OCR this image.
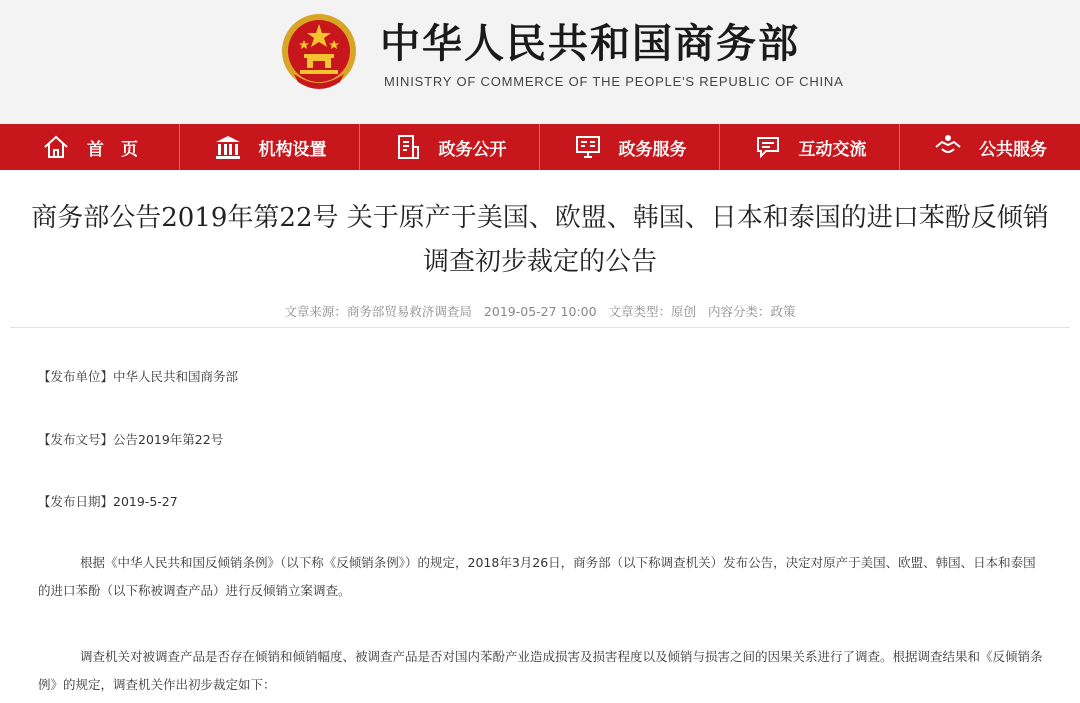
中华人民共和国商务部
MINISTRY OF COMMERCE OF THE PEOPLE'S REPUBLIC OF CHINA
首　页	机构设置	政务公开	政务服务	互动交流	公共服务
商务部公告2019年第22号 关于原产于美国、欧盟、韩国、日本和泰国的进口苯酚反倾销
调查初步裁定的公告
文章来源：商务部贸易救济调查局 2019-05-27 10:00 文章类型：原创 内容分类：政策
【发布单位】中华人民共和国商务部
【发布文号】公告2019年第22号
【发布日期】2019-5-27
根据《中华人民共和国反倾销条例》（以下称《反倾销条例》）的规定，2018年3月26日，商务部（以下称调查机关）发布公告，决定对原产于美国、欧盟、韩国、日本和泰国的进口苯酚（以下称被调查产品）进行反倾销立案调查。
调查机关对被调查产品是否存在倾销和倾销幅度、被调查产品是否对国内苯酚产业造成损害及损害程度以及倾销与损害之间的因果关系进行了调查。根据调查结果和《反倾销条例》的规定，调查机关作出初步裁定如下：
